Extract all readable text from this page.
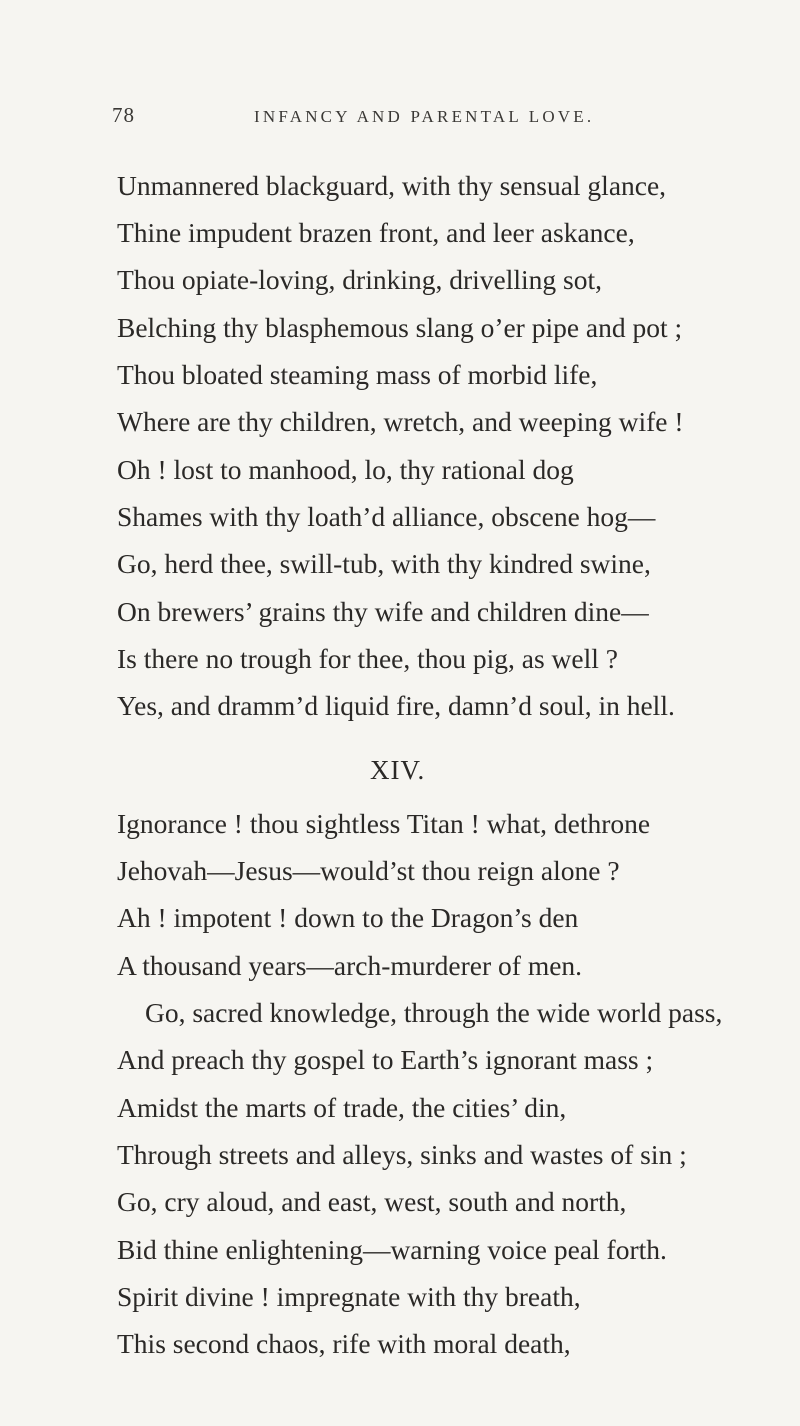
78	INFANCY AND PARENTAL LOVE.
Unmannered blackguard, with thy sensual glance,
Thine impudent brazen front, and leer askance,
Thou opiate-loving, drinking, drivelling sot,
Belching thy blasphemous slang o’er pipe and pot ;
Thou bloated steaming mass of morbid life,
Where are thy children, wretch, and weeping wife !
Oh ! lost to manhood, lo, thy rational dog
Shames with thy loath’d alliance, obscene hog—
Go, herd thee, swill-tub, with thy kindred swine,
On brewers’ grains thy wife and children dine—
Is there no trough for thee, thou pig, as well ?
Yes, and dramm’d liquid fire, damn’d soul, in hell.
XIV.
Ignorance ! thou sightless Titan ! what, dethrone
Jehovah—Jesus—would’st thou reign alone ?
Ah ! impotent ! down to the Dragon’s den
A thousand years—arch-murderer of men.
Go, sacred knowledge, through the wide world pass,
And preach thy gospel to Earth’s ignorant mass ;
Amidst the marts of trade, the cities’ din,
Through streets and alleys, sinks and wastes of sin ;
Go, cry aloud, and east, west, south and north,
Bid thine enlightening—warning voice peal forth.
Spirit divine ! impregnate with thy breath,
This second chaos, rife with moral death,
